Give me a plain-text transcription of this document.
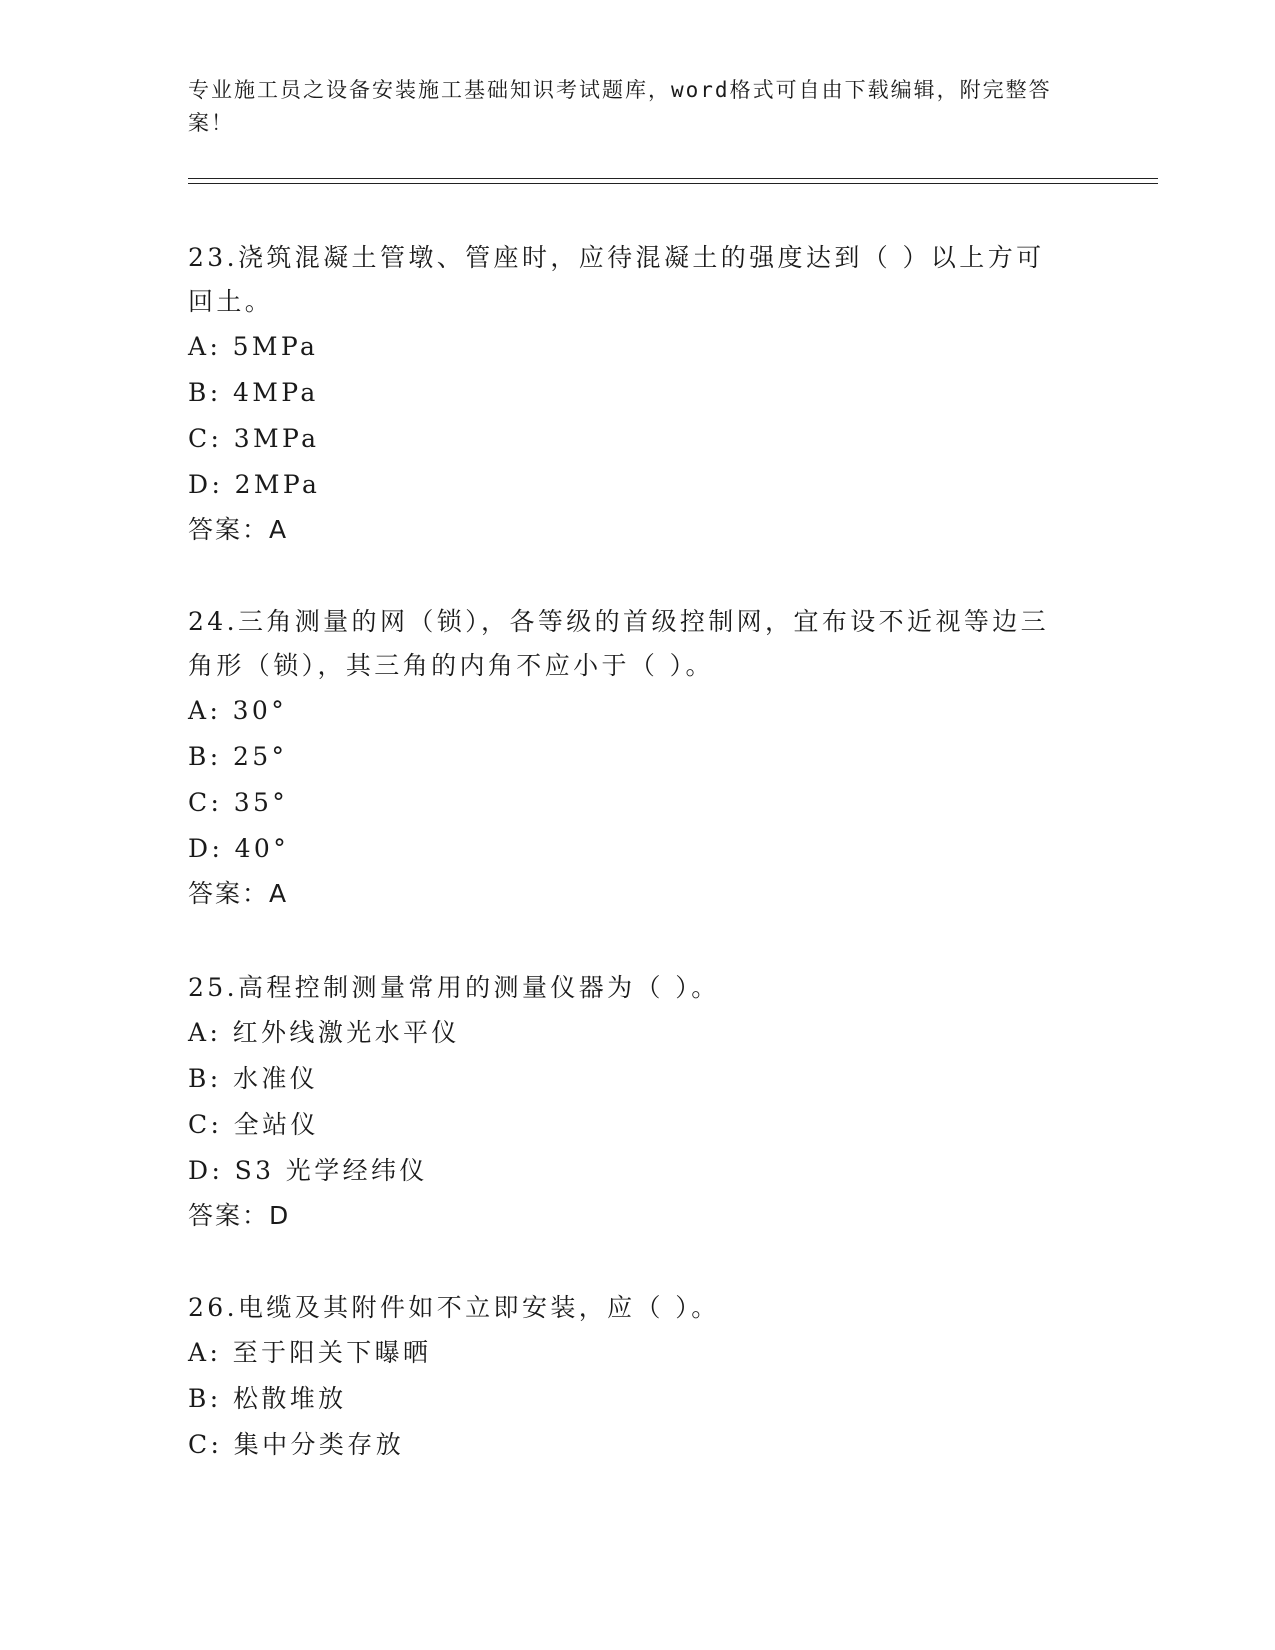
专业施工员之设备安装施工基础知识考试题库，word格式可自由下载编辑，附完整答案！

23.浇筑混凝土管墩、管座时，应待混凝土的强度达到（ ）以上方可回土。

A: 5MPa
B: 4MPa
C: 3MPa
D: 2MPa
答案：A

24.三角测量的网（锁），各等级的首级控制网，宜布设不近视等边三角形（锁），其三角的内角不应小于（ ）。

A: 30°
B: 25°
C: 35°
D: 40°
答案：A

25.高程控制测量常用的测量仪器为（ ）。

A: 红外线激光水平仪
B: 水准仪
C: 全站仪
D: S3 光学经纬仪
答案：D

26.电缆及其附件如不立即安装，应（ ）。

A: 至于阳关下曝晒
B: 松散堆放
C: 集中分类存放
